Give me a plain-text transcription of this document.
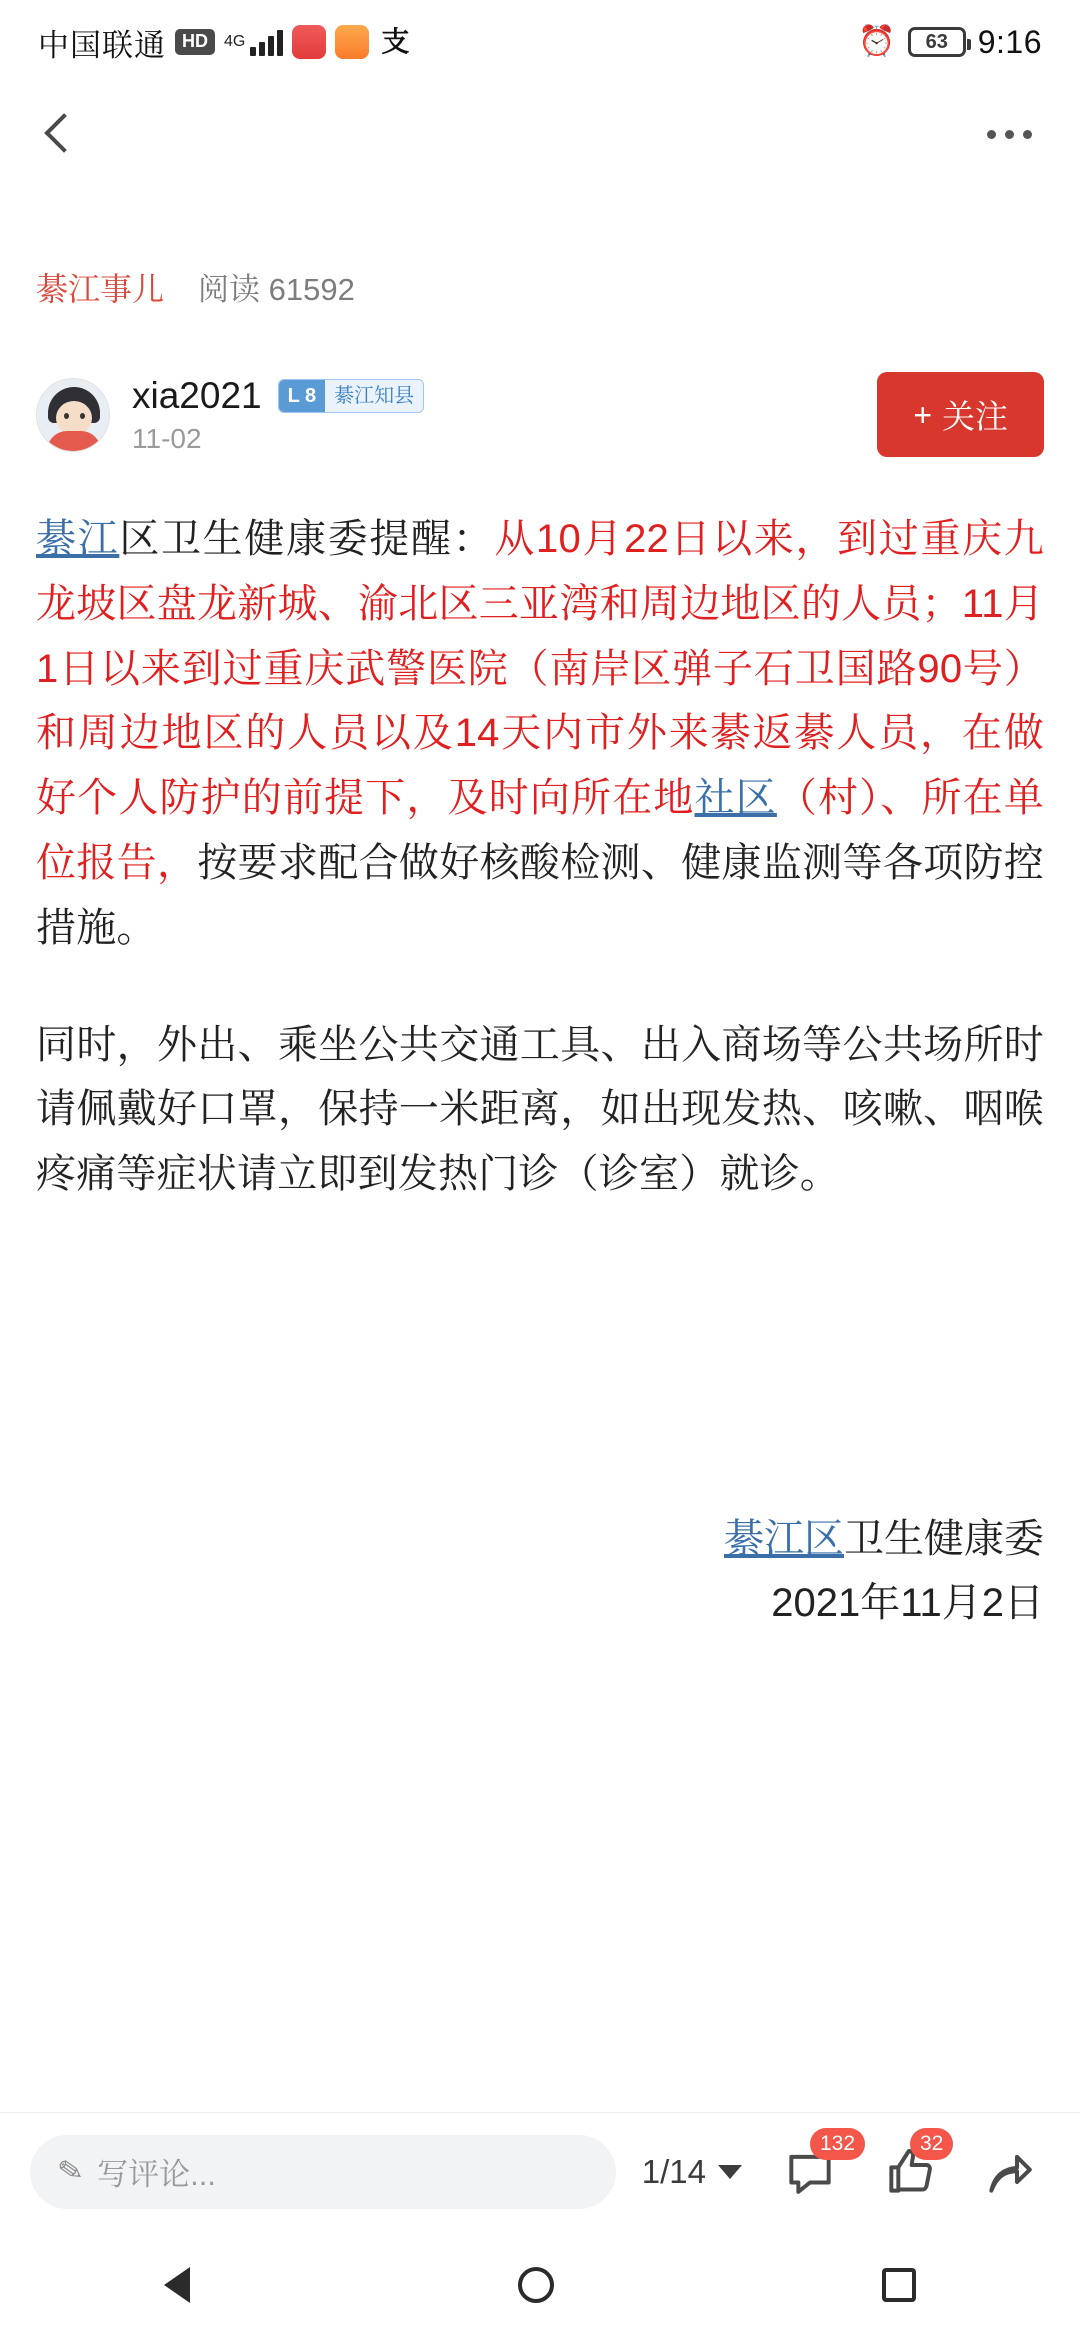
中国联通 HD	4G	支	⏰	63 9:16
綦江事儿 阅读 61592
xia2021	L 8 綦江知县
11-02
+ 关注

綦江区卫生健康委提醒：从10月22日以来，到过重庆九龙坡区盘龙新城、渝北区三亚湾和周边地区的人员；11月1日以来到过重庆武警医院（南岸区弹子石卫国路90号）和周边地区的人员以及14天内市外来綦返綦人员，在做好个人防护的前提下，及时向所在地社区（村）、所在单位报告，按要求配合做好核酸检测、健康监测等各项防控措施。

同时，外出、乘坐公共交通工具、出入商场等公共场所时请佩戴好口罩，保持一米距离，如出现发热、咳嗽、咽喉疼痛等症状请立即到发热门诊（诊室）就诊。

綦江区卫生健康委
2021年11月2日
✎ 写评论...	1/14
132	32
